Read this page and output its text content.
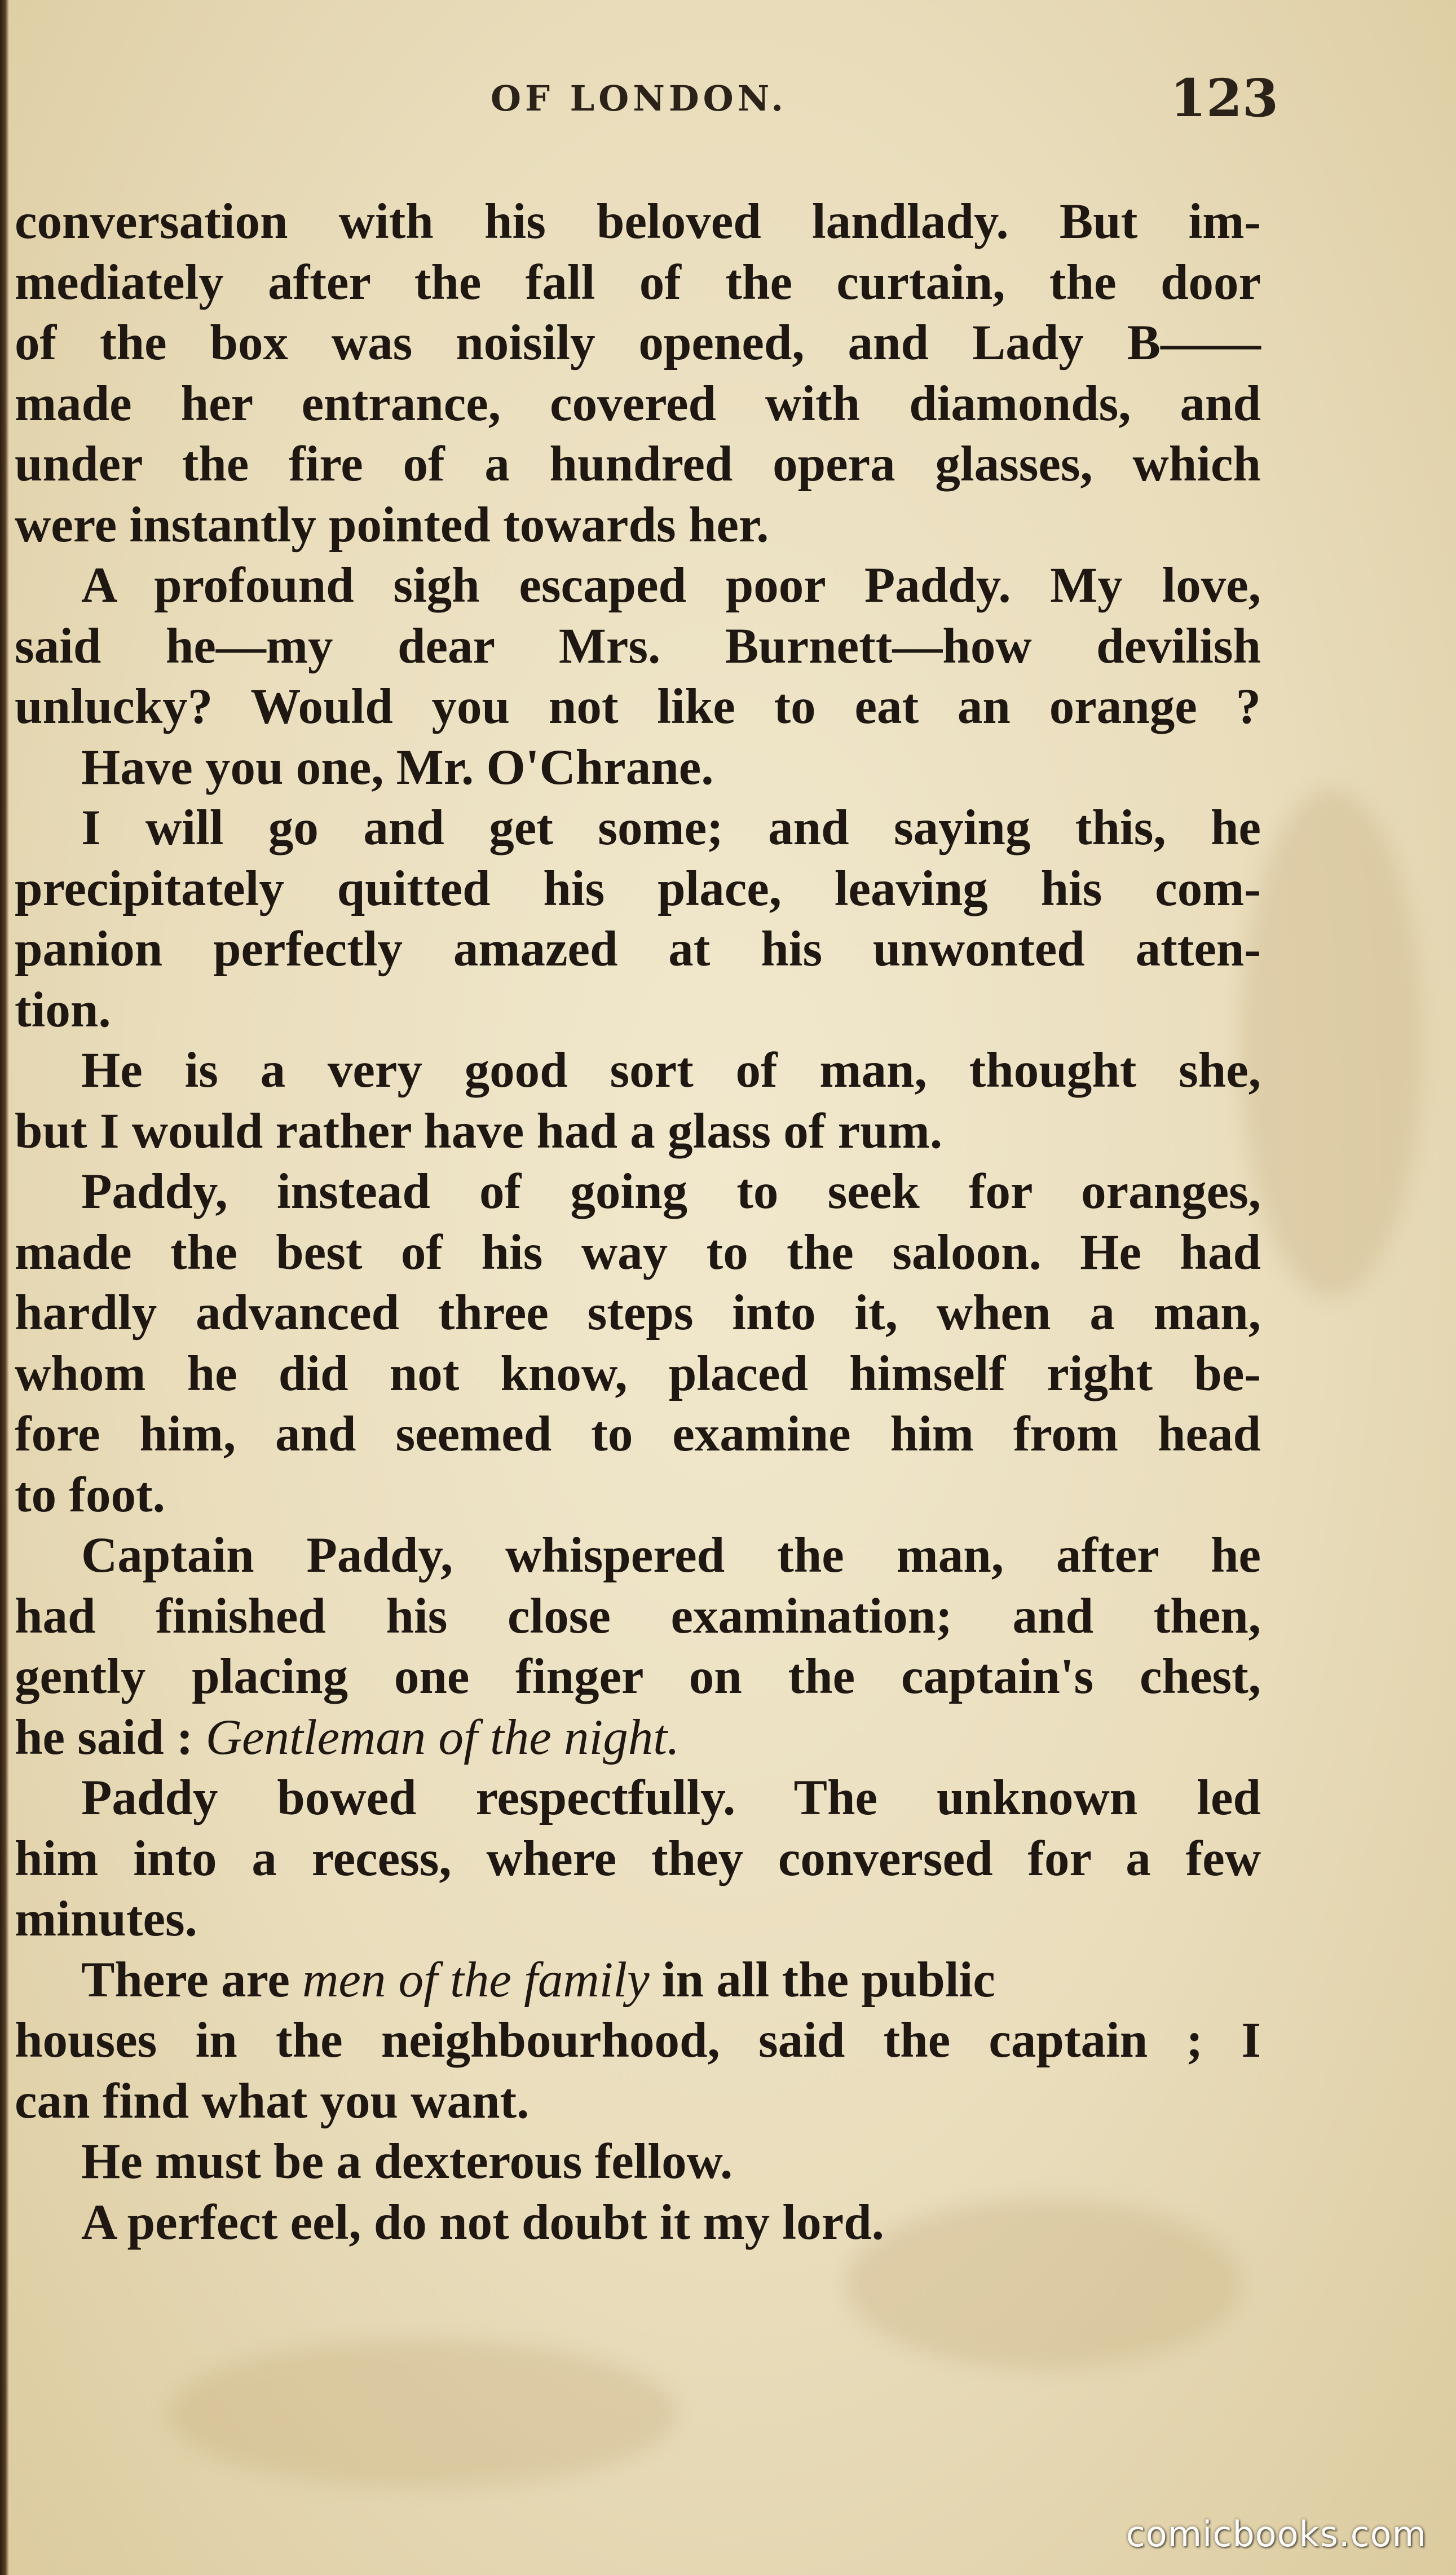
OF LONDON.	123
conversation with his beloved landlady. But im-
mediately after the fall of the curtain, the door
of the box was noisily opened, and Lady B——
made her entrance, covered with diamonds, and
under the fire of a hundred opera glasses, which
were instantly pointed towards her.
A profound sigh escaped poor Paddy. My love,
said he—my dear Mrs. Burnett—how devilish
unlucky? Would you not like to eat an orange ?
Have you one, Mr. O'Chrane.
I will go and get some; and saying this, he
precipitately quitted his place, leaving his com-
panion perfectly amazed at his unwonted atten-
tion.
He is a very good sort of man, thought she,
but I would rather have had a glass of rum.
Paddy, instead of going to seek for oranges,
made the best of his way to the saloon. He had
hardly advanced three steps into it, when a man,
whom he did not know, placed himself right be-
fore him, and seemed to examine him from head
to foot.
Captain Paddy, whispered the man, after he
had finished his close examination; and then,
gently placing one finger on the captain's chest,
he said : Gentleman of the night.
Paddy bowed respectfully. The unknown led
him into a recess, where they conversed for a few
minutes.
There are men of the family in all the public
houses in the neighbourhood, said the captain ; I
can find what you want.
He must be a dexterous fellow.
A perfect eel, do not doubt it my lord.
comicbooks.com
